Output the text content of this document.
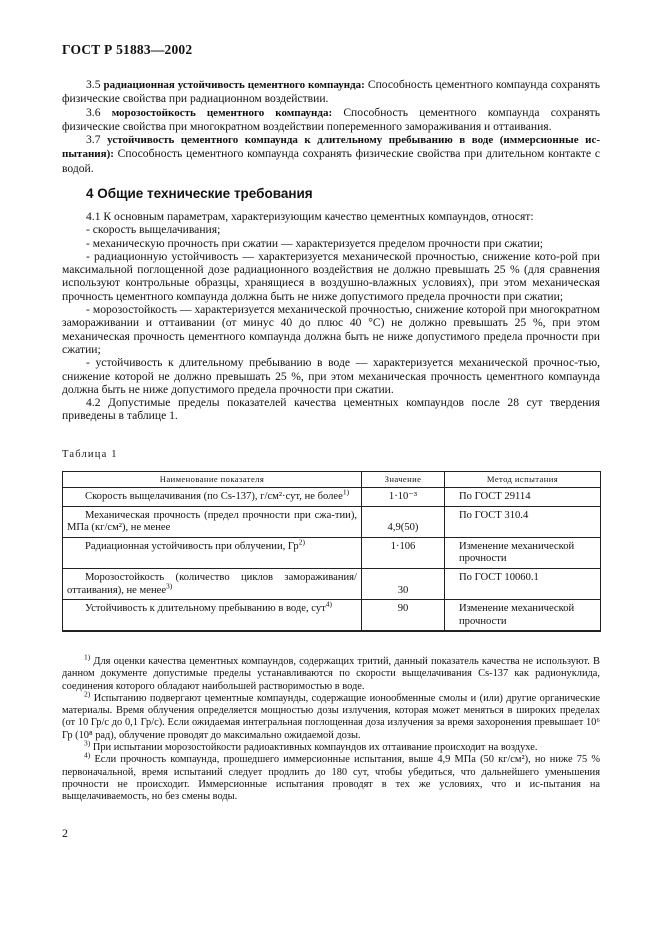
ГОСТ Р 51883—2002

3.5 радиационная устойчивость цементного компаунда: Способность цементного компаунда сохранять физические свойства при радиационном воздействии.

3.6 морозостойкость цементного компаунда: Способность цементного компаунда сохранять физические свойства при многократном воздействии попеременного замораживания и оттаивания.

3.7 устойчивость цементного компаунда к длительному пребыванию в воде (иммерсионные ис-пытания): Способность цементного компаунда сохранять физические свойства при длительном контакте с водой.

4 Общие технические требования

4.1 К основным параметрам, характеризующим качество цементных компаундов, относят:

- скорость выщелачивания;

- механическую прочность при сжатии — характеризуется пределом прочности при сжатии;

- радиационную устойчивость — характеризуется механической прочностью, снижение кото-рой при максимальной поглощенной дозе радиационного воздействия не должно превышать 25 % (для сравнения используют контрольные образцы, хранящиеся в воздушно-влажных условиях), при этом механическая прочность цементного компаунда должна быть не ниже допустимого предела прочности при сжатии;

- морозостойкость — характеризуется механической прочностью, снижение которой при многократном замораживании и оттаивании (от минус 40 до плюс 40 °С) не должно превышать 25 %, при этом механическая прочность цементного компаунда должна быть не ниже допустимого предела прочности при сжатии;

- устойчивость к длительному пребыванию в воде — характеризуется механической прочнос-тью, снижение которой не должно превышать 25 %, при этом механическая прочность цементного компаунда должна быть не ниже допустимого предела прочности при сжатии.

4.2 Допустимые пределы показателей качества цементных компаундов после 28 сут твердения приведены в таблице 1.

Таблица 1
Наименование показателя	Значение	Метод испытания

Скорость выщелачивания (по Cs-137), г/см²·сут, не более$^{1)}$	1·10⁻³	По ГОСТ 29114

Механическая прочность (предел прочности при сжа-тии), МПа (кг/см²), не менее	4,9(50)	По ГОСТ 310.4

Радиационная устойчивость при облучении, $Гр^{2)}$	1·106	Изменение механической прочности

Морозостойкость (количество циклов замораживания/оттаивания), не менее$^{3)}$	30	По ГОСТ 10060.1

Устойчивость к длительному пребыванию в воде, сут$^{4)}$	90	Изменение механической прочности

$^{1)}$ Для оценки качества цементных компаундов, содержащих тритий, данный показатель качества не используют. В данном документе допустимые пределы устанавливаются по скорости выщелачивания Cs-137 как радионуклида, соединения которого обладают наибольшей растворимостью в воде.

$^{2)}$ Испытанию подвергают цементные компаунды, содержащие ионообменные смолы и (или) другие органические материалы. Время облучения определяется мощностью дозы излучения, которая может меняться в широких пределах (от 10 Гр/с до 0,1 Гр/с). Если ожидаемая интегральная поглощенная доза излучения за время захоронения превышает 10⁶ Гр (10⁸ рад), облучение проводят до максимально ожидаемой дозы.

$^{3)}$ При испытании морозостойкости радиоактивных компаундов их оттаивание происходит на воздухе.

$^{4)}$ Если прочность компаунда, прошедшего иммерсионные испытания, выше 4,9 МПа (50 кг/см²), но ниже 75 % первоначальной, время испытаний следует продлить до 180 сут, чтобы убедиться, что дальнейшего уменьшения прочности не происходит. Иммерсионные испытания проводят в тех же условиях, что и ис-пытания на выщелачиваемость, но без смены воды.

2
